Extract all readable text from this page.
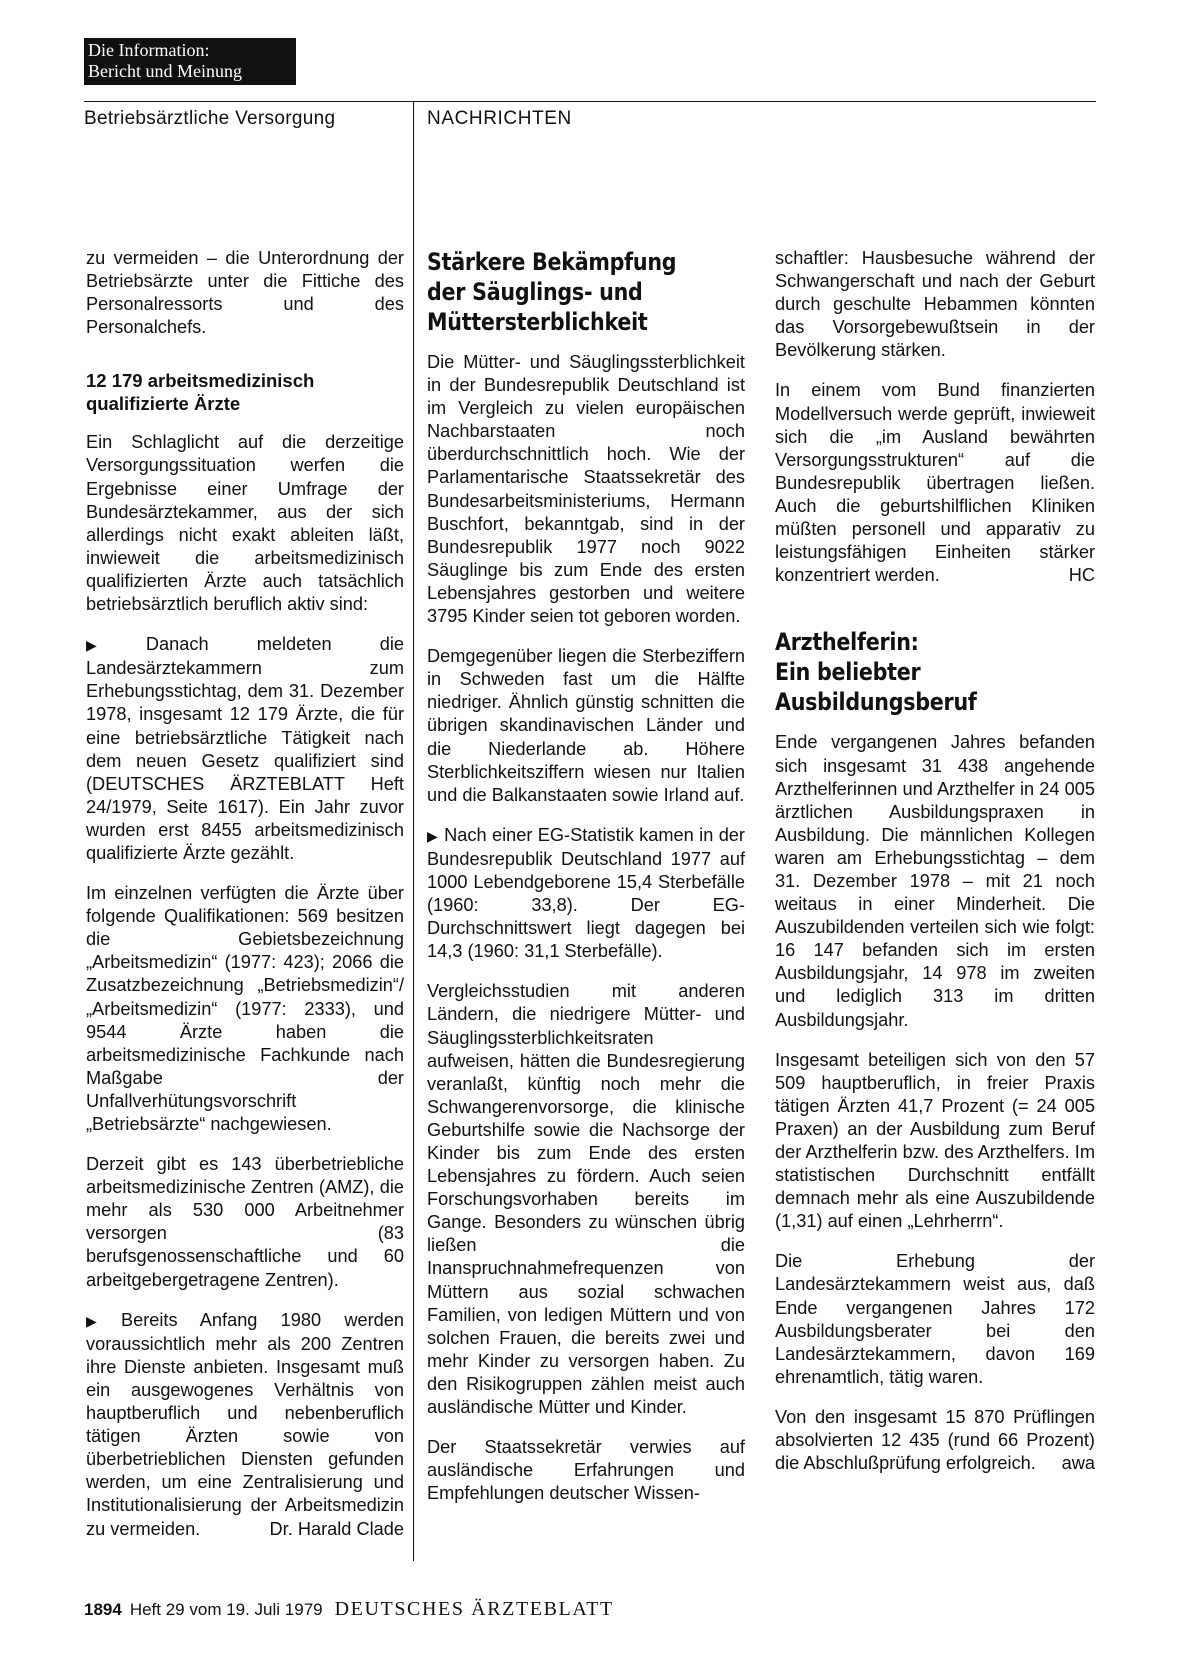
Die Information:
Bericht und Meinung
Betriebsärztliche Versorgung	NACHRICHTEN

zu vermeiden – die Unterordnung der Betriebsärzte unter die Fittiche des Personalressorts und des Personalchefs.

12 179 arbeitsmedizinisch qualifizierte Ärzte

Ein Schlaglicht auf die derzeitige Versorgungssituation werfen die Ergebnisse einer Umfrage der Bundesärztekammer, aus der sich allerdings nicht exakt ableiten läßt, inwieweit die arbeitsmedizinisch qualifizierten Ärzte auch tatsächlich betriebsärztlich beruflich aktiv sind:

▶ Danach meldeten die Landesärztekammern zum Erhebungsstichtag, dem 31. Dezember 1978, insgesamt 12 179 Ärzte, die für eine betriebsärztliche Tätigkeit nach dem neuen Gesetz qualifiziert sind (DEUTSCHES ÄRZTEBLATT Heft 24/1979, Seite 1617). Ein Jahr zuvor wurden erst 8455 arbeitsmedizinisch qualifizierte Ärzte gezählt.

Im einzelnen verfügten die Ärzte über folgende Qualifikationen: 569 besitzen die Gebietsbezeichnung „Arbeitsmedizin“ (1977: 423); 2066 die Zusatzbezeichnung „Betriebsmedizin“/„Arbeitsmedizin“ (1977: 2333), und 9544 Ärzte haben die arbeitsmedizinische Fachkunde nach Maßgabe der Unfallverhütungsvorschrift „Betriebsärzte“ nachgewiesen.

Derzeit gibt es 143 überbetriebliche arbeitsmedizinische Zentren (AMZ), die mehr als 530 000 Arbeitnehmer versorgen (83 berufsgenossenschaftliche und 60 arbeitgebergetragene Zentren).

▶ Bereits Anfang 1980 werden voraussichtlich mehr als 200 Zentren ihre Dienste anbieten. Insgesamt muß ein ausgewogenes Verhältnis von hauptberuflich und nebenberuflich tätigen Ärzten sowie von überbetrieblichen Diensten gefunden werden, um eine Zentralisierung und Institutionalisierung der Arbeitsmedizin zu vermeiden.	Dr. Harald Clade
Stärkere Bekämpfung
der Säuglings- und
Müttersterblichkeit

Die Mütter- und Säuglingssterblichkeit in der Bundesrepublik Deutschland ist im Vergleich zu vielen europäischen Nachbarstaaten noch überdurchschnittlich hoch. Wie der Parlamentarische Staatssekretär des Bundesarbeitsministeriums, Hermann Buschfort, bekanntgab, sind in der Bundesrepublik 1977 noch 9022 Säuglinge bis zum Ende des ersten Lebensjahres gestorben und weitere 3795 Kinder seien tot geboren worden.

Demgegenüber liegen die Sterbeziffern in Schweden fast um die Hälfte niedriger. Ähnlich günstig schnitten die übrigen skandinavischen Länder und die Niederlande ab. Höhere Sterblichkeitsziffern wiesen nur Italien und die Balkanstaaten sowie Irland auf.

▶ Nach einer EG-Statistik kamen in der Bundesrepublik Deutschland 1977 auf 1000 Lebendgeborene 15,4 Sterbefälle (1960: 33,8). Der EG-Durchschnittswert liegt dagegen bei 14,3 (1960: 31,1 Sterbefälle).

Vergleichsstudien mit anderen Ländern, die niedrigere Mütter- und Säuglingssterblichkeitsraten aufweisen, hätten die Bundesregierung veranlaßt, künftig noch mehr die Schwangerenvorsorge, die klinische Geburtshilfe sowie die Nachsorge der Kinder bis zum Ende des ersten Lebensjahres zu fördern. Auch seien Forschungsvorhaben bereits im Gange. Besonders zu wünschen übrig ließen die Inanspruchnahmefrequenzen von Müttern aus sozial schwachen Familien, von ledigen Müttern und von solchen Frauen, die bereits zwei und mehr Kinder zu versorgen haben. Zu den Risikogruppen zählen meist auch ausländische Mütter und Kinder.

Der Staatssekretär verwies auf ausländische Erfahrungen und Empfehlungen deutscher Wissen-

schaftler: Hausbesuche während der Schwangerschaft und nach der Geburt durch geschulte Hebammen könnten das Vorsorgebewußtsein in der Bevölkerung stärken.

In einem vom Bund finanzierten Modellversuch werde geprüft, inwieweit sich die „im Ausland bewährten Versorgungsstrukturen“ auf die Bundesrepublik übertragen ließen. Auch die geburtshilflichen Kliniken müßten personell und apparativ zu leistungsfähigen Einheiten stärker konzentriert werden.	HC
Arzthelferin:
Ein beliebter
Ausbildungsberuf

Ende vergangenen Jahres befanden sich insgesamt 31 438 angehende Arzthelferinnen und Arzthelfer in 24 005 ärztlichen Ausbildungspraxen in Ausbildung. Die männlichen Kollegen waren am Erhebungsstichtag – dem 31. Dezember 1978 – mit 21 noch weitaus in einer Minderheit. Die Auszubildenden verteilen sich wie folgt: 16 147 befanden sich im ersten Ausbildungsjahr, 14 978 im zweiten und lediglich 313 im dritten Ausbildungsjahr.

Insgesamt beteiligen sich von den 57 509 hauptberuflich, in freier Praxis tätigen Ärzten 41,7 Prozent (= 24 005 Praxen) an der Ausbildung zum Beruf der Arzthelferin bzw. des Arzthelfers. Im statistischen Durchschnitt entfällt demnach mehr als eine Auszubildende (1,31) auf einen „Lehrherrn“.

Die Erhebung der Landesärztekammern weist aus, daß Ende vergangenen Jahres 172 Ausbildungsberater bei den Landesärztekammern, davon 169 ehrenamtlich, tätig waren.

Von den insgesamt 15 870 Prüflingen absolvierten 12 435 (rund 66 Prozent) die Abschlußprüfung erfolgreich.	awa
1894 Heft 29 vom 19. Juli 1979 DEUTSCHES ÄRZTEBLATT
